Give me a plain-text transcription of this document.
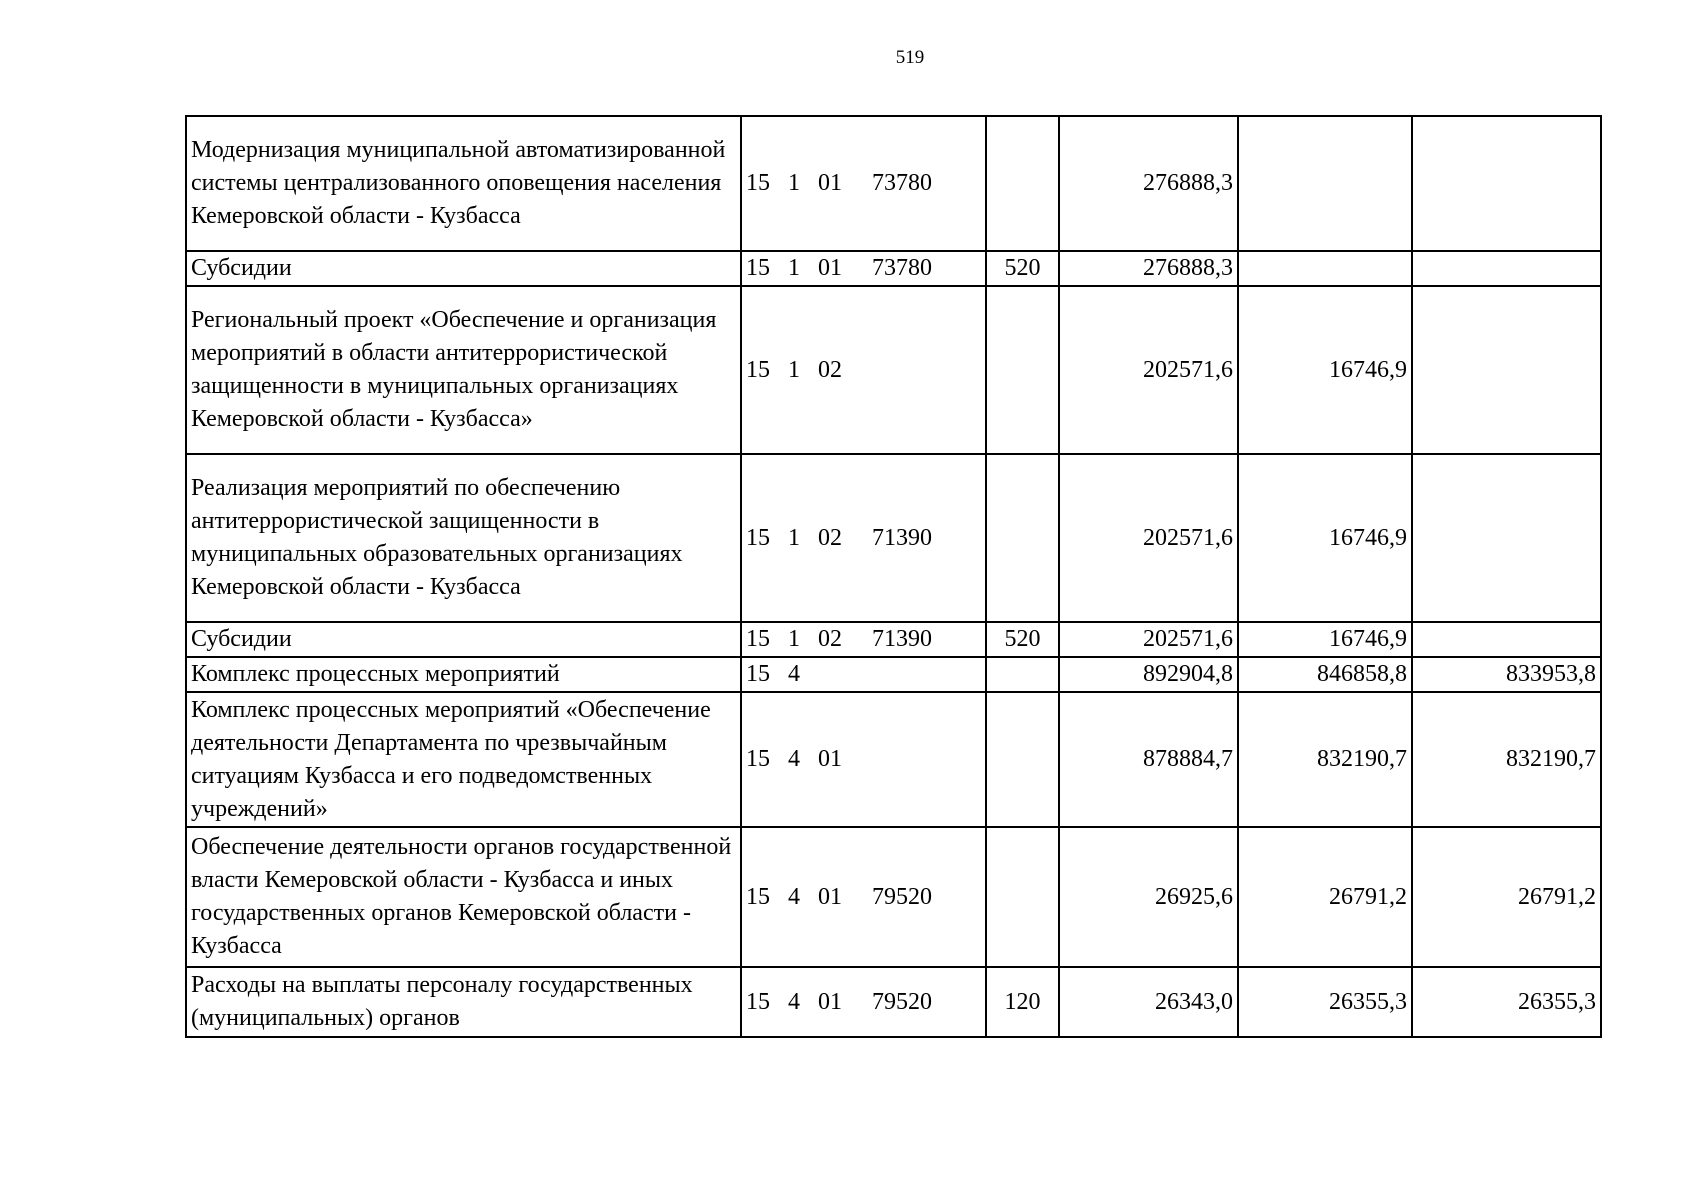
519
Модернизация муниципальной автоматизированной системы централизованного оповещения населения Кемеровской области - Кузбасса	15   1   01     73780		276888,3		
Субсидии	15   1   01     73780	520	276888,3		
Региональный проект «Обеспечение и организация мероприятий в области антитеррористической защищенности в муниципальных организациях Кемеровской области - Кузбасса»	15   1   02		202571,6	16746,9	
Реализация мероприятий по обеспечению антитеррористической защищенности в муниципальных образовательных организациях Кемеровской области - Кузбасса	15   1   02     71390		202571,6	16746,9	
Субсидии	15   1   02     71390	520	202571,6	16746,9	
Комплекс процессных мероприятий	15   4		892904,8	846858,8	833953,8
Комплекс процессных мероприятий «Обеспечение деятельности Департамента по чрезвычайным ситуациям Кузбасса и его подведомственных учреждений»	15   4   01		878884,7	832190,7	832190,7
Обеспечение деятельности органов государственной власти Кемеровской области - Кузбасса и иных государственных органов Кемеровской области - Кузбасса	15   4   01     79520		26925,6	26791,2	26791,2
Расходы на выплаты персоналу государственных (муниципальных) органов	15   4   01     79520	120	26343,0	26355,3	26355,3
